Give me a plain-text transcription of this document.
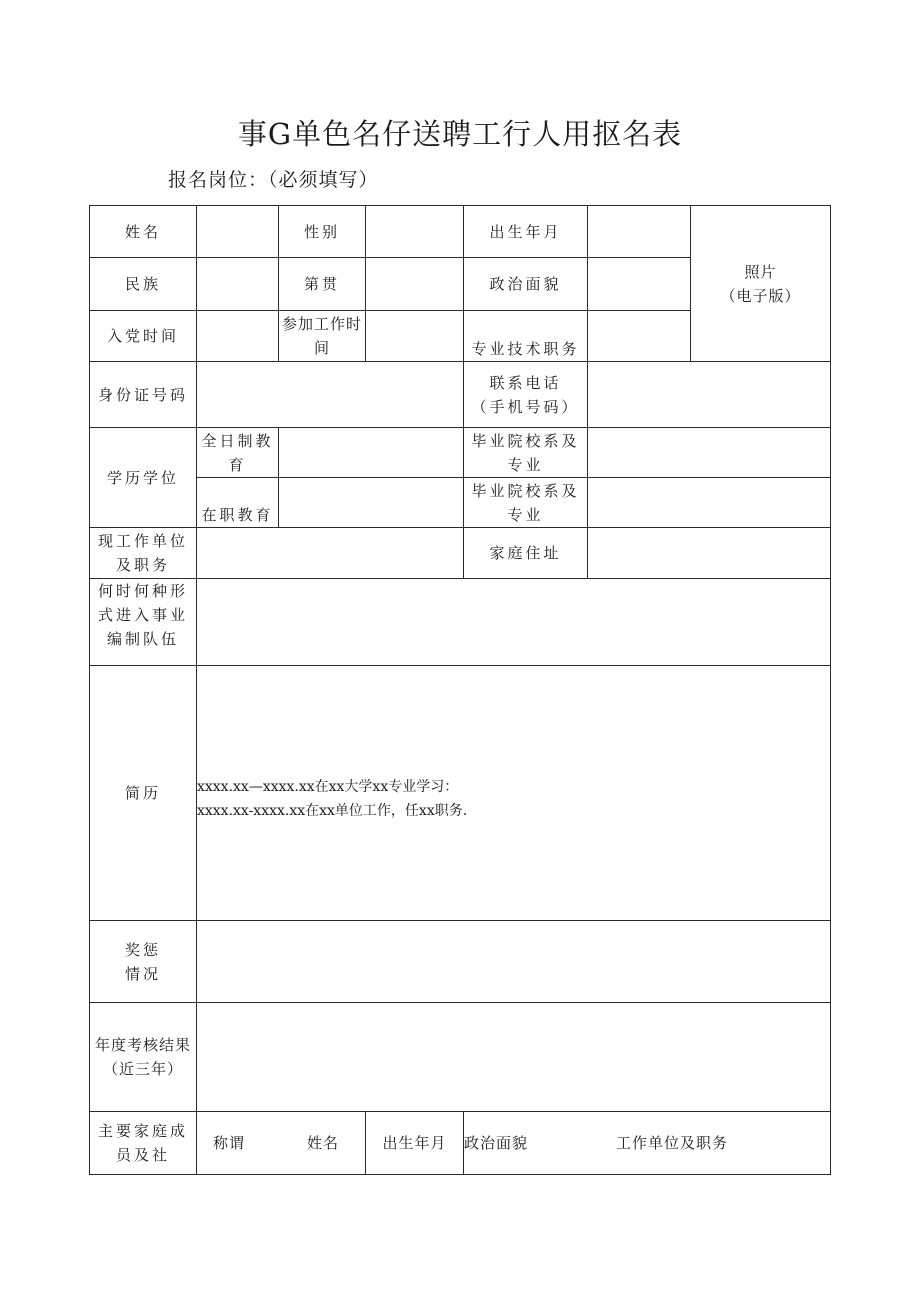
事G单色名仔送聘工行人用抠名表
报名岗位：（必须填写）
姓名		性别		出生年月		照片
（电子版）

民族		第贯		政治面貌		
入党时间		参加工作时间		专业技术职务		
身份证号码				联系电话
（手机号码）		

学历学位	全日制教育			毕业院校系及专业		
	在职教育			毕业院校系及专业		
现工作单位及职务				家庭住址		
何时何种形式进入事业编制队伍						
简历	xxxx.xx—xxxx.xx在xx大学xx专业学习：
xxxx.xx-xxxx.xx在xx单位工作，任xx职务.					

奖惩
情况						

年度考核结果
（近三年）						

主要家庭成员及社	称谓 姓名		出生年月	政治面貌 工作单位及职务		
